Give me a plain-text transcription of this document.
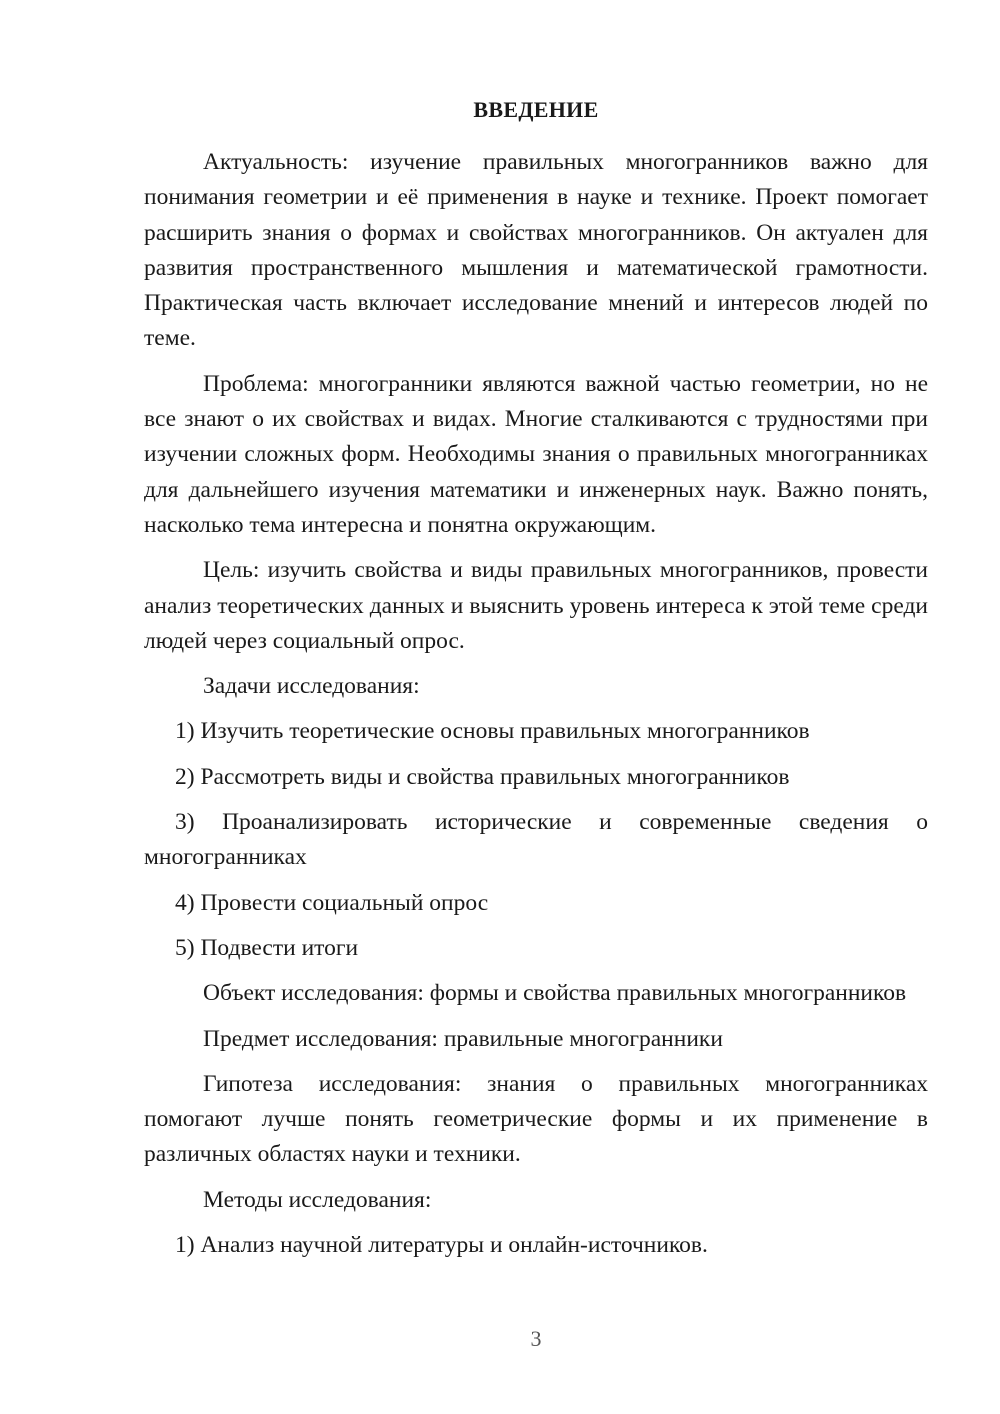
ВВЕДЕНИЕ

Актуальность: изучение правильных многогранников важно для понимания геометрии и её применения в науке и технике. Проект помогает расширить знания о формах и свойствах многогранников. Он актуален для развития пространственного мышления и математической грамотности. Практическая часть включает исследование мнений и интересов людей по теме.

Проблема: многогранники являются важной частью геометрии, но не все знают о их свойствах и видах. Многие сталкиваются с трудностями при изучении сложных форм. Необходимы знания о правильных многогранниках для дальнейшего изучения математики и инженерных наук. Важно понять, насколько тема интересна и понятна окружающим.

Цель: изучить свойства и виды правильных многогранников, провести анализ теоретических данных и выяснить уровень интереса к этой теме среди людей через социальный опрос.

Задачи исследования:

1) Изучить теоретические основы правильных многогранников

2) Рассмотреть виды и свойства правильных многогранников

3) Проанализировать исторические и современные сведения о многогранниках

4) Провести социальный опрос

5) Подвести итоги

Объект исследования: формы и свойства правильных многогранников

Предмет исследования: правильные многогранники

Гипотеза исследования: знания о правильных многогранниках помогают лучше понять геометрические формы и их применение в различных областях науки и техники.

Методы исследования:

1) Анализ научной литературы и онлайн-источников.

3
